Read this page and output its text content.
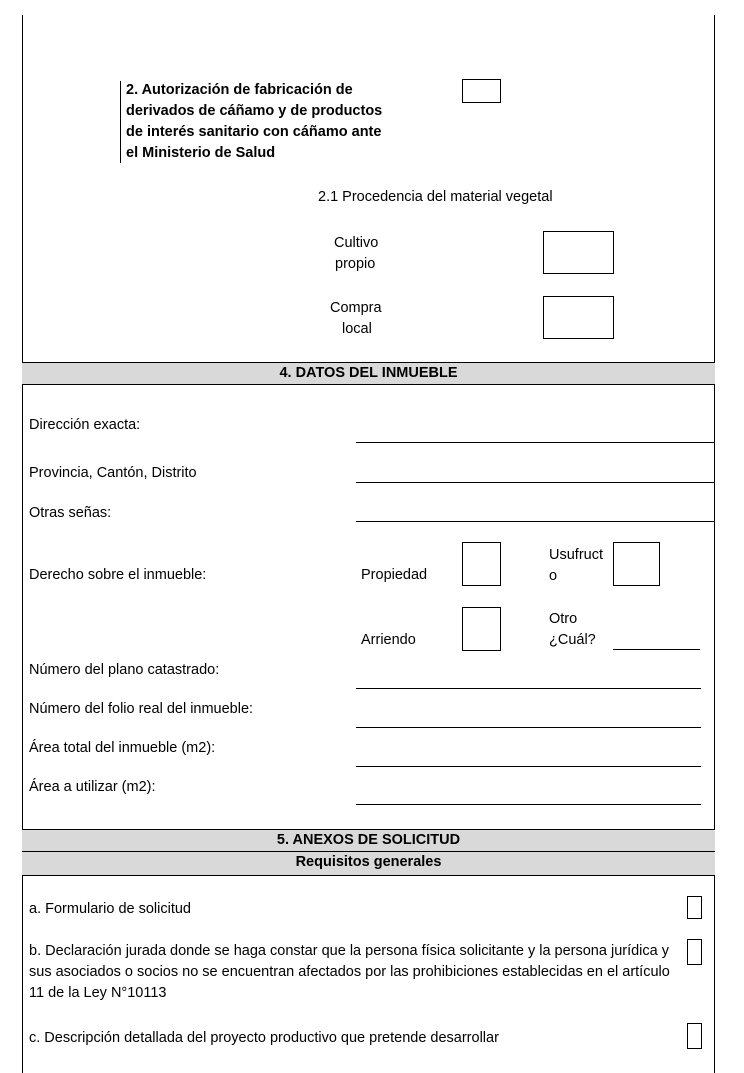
2. Autorización de fabricación de derivados de cáñamo y de productos de interés sanitario con cáñamo ante el Ministerio de Salud
2.1 Procedencia del material vegetal
Cultivo
propio
Compra
local
4. DATOS DEL INMUEBLE
Dirección exacta:
Provincia, Cantón, Distrito
Otras señas:
Derecho sobre el inmueble:	Propiedad
Usufruct
o
Arriendo
Otro
¿Cuál?
Número del plano catastrado:
Número del folio real del inmueble:
Área total del inmueble (m2):
Área a utilizar (m2):
5. ANEXOS DE SOLICITUD
Requisitos generales
a. Formulario de solicitud
b. Declaración jurada donde se haga constar que la persona física solicitante y la persona jurídica y sus asociados o socios no se encuentran afectados por las prohibiciones establecidas en el artículo 11 de la Ley N°10113
c. Descripción detallada del proyecto productivo que pretende desarrollar
